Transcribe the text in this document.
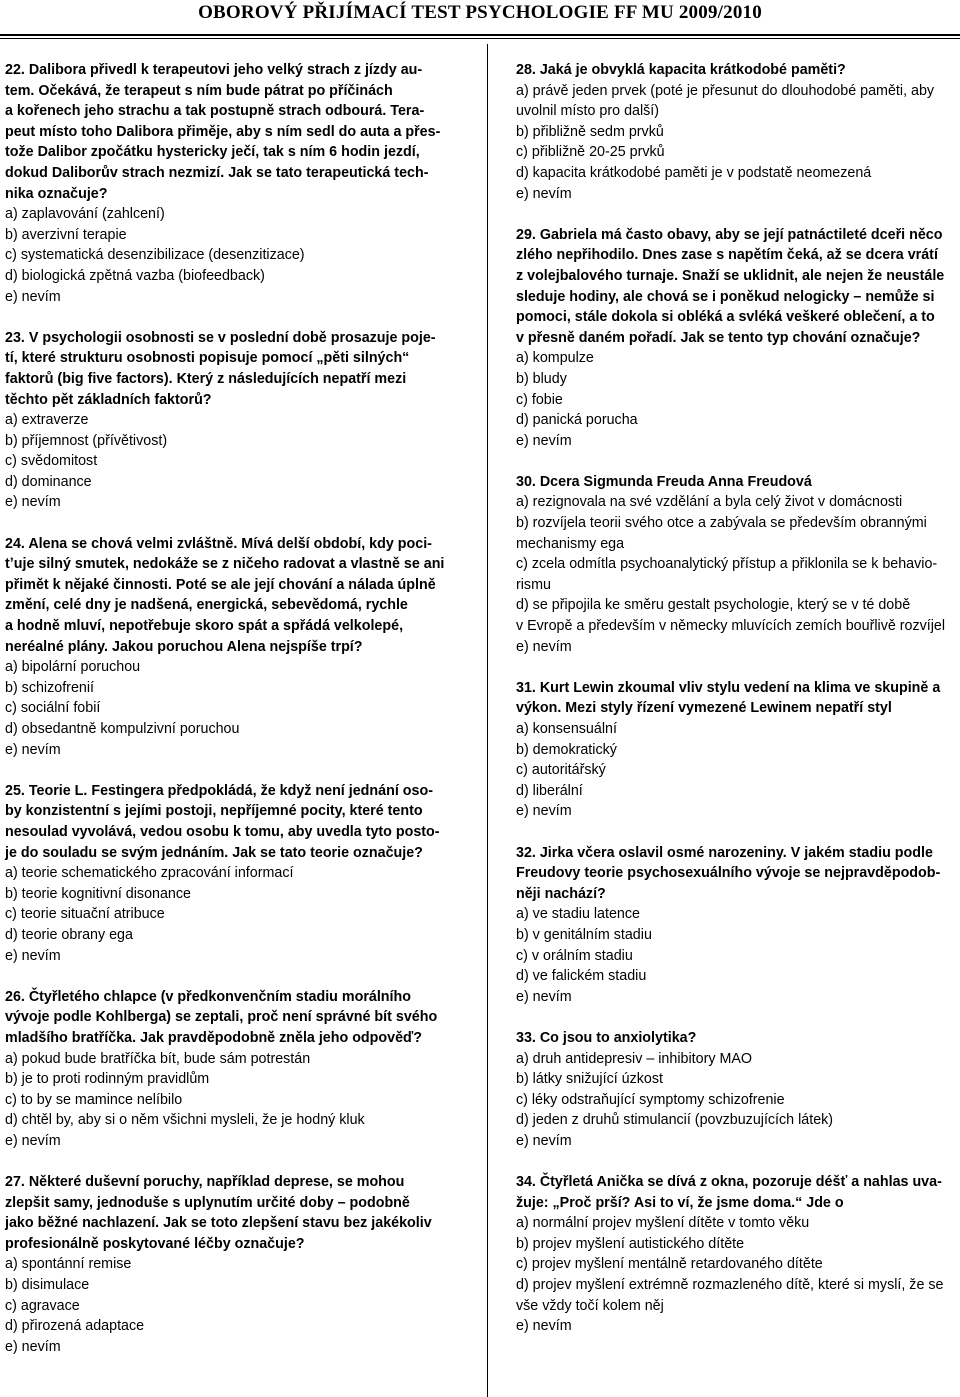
OBOROVÝ PŘIJÍMACÍ TEST PSYCHOLOGIE FF MU 2009/2010
22. Dalibora přivedl k terapeutovi jeho velký strach z jízdy au-
tem. Očekává, že terapeut s ním bude pátrat po příčinách
a kořenech jeho strachu a tak postupně strach odbourá. Tera-
peut místo toho Dalibora přiměje, aby s ním sedl do auta a přes-
tože Dalibor zpočátku hystericky ječí, tak s ním 6 hodin jezdí,
dokud Daliborův strach nezmizí. Jak se tato terapeutická tech-
nika označuje?
a) zaplavování (zahlcení)
b) averzivní terapie
c) systematická desenzibilizace (desenzitizace)
d) biologická zpětná vazba (biofeedback)
e) nevím
23. V psychologii osobnosti se v poslední době prosazuje poje-
tí, které strukturu osobnosti popisuje pomocí „pěti silných“
faktorů (big five factors). Který z následujících nepatří mezi
těchto pět základních faktorů?
a) extraverze
b) příjemnost (přívětivost)
c) svědomitost
d) dominance
e) nevím
24. Alena se chová velmi zvláštně. Mívá delší období, kdy poci-
tʼuje silný smutek, nedokáže se z ničeho radovat a vlastně se ani
přimět k nějaké činnosti. Poté se ale její chování a nálada úplně
změní, celé dny je nadšená, energická, sebevědomá, rychle
a hodně mluví, nepotřebuje skoro spát a spřádá velkolepé,
neréalné plány. Jakou poruchou Alena nejspíše trpí?
a) bipolární poruchou
b) schizofrenií
c) sociální fobií
d) obsedantně kompulzivní poruchou
e) nevím
25. Teorie L. Festingera předpokládá, že když není jednání oso-
by konzistentní s jejími postoji, nepříjemné pocity, které tento
nesoulad vyvolává, vedou osobu k tomu, aby uvedla tyto posto-
je do souladu se svým jednáním. Jak se tato teorie označuje?
a) teorie schematického zpracování informací
b) teorie kognitivní disonance
c) teorie situační atribuce
d) teorie obrany ega
e) nevím
26. Čtyřletého chlapce (v předkonvenčním stadiu morálního
vývoje podle Kohlberga) se zeptali, proč není správné bít svého
mladšího bratříčka. Jak pravděpodobně zněla jeho odpověď?
a) pokud bude bratříčka bít, bude sám potrestán
b) je to proti rodinným pravidlům
c) to by se mamince nelíbilo
d) chtěl by, aby si o něm všichni mysleli, že je hodný kluk
e) nevím
27. Některé duševní poruchy, například deprese, se mohou
zlepšit samy, jednoduše s uplynutím určité doby – podobně
jako běžné nachlazení. Jak se toto zlepšení stavu bez jakékoliv
profesionálně poskytované léčby označuje?
a) spontánní remise
b) disimulace
c) agravace
d) přirozená adaptace
e) nevím
28. Jaká je obvyklá kapacita krátkodobé paměti?
a) právě jeden prvek (poté je přesunut do dlouhodobé paměti, aby
uvolnil místo pro další)
b) přibližně sedm prvků
c) přibližně 20-25 prvků
d) kapacita krátkodobé paměti je v podstatě neomezená
e) nevím
29. Gabriela má často obavy, aby se její patnáctileté dceři něco
zlého nepřihodilo. Dnes zase s napětím čeká, až se dcera vrátí
z volejbalového turnaje. Snaží se uklidnit, ale nejen že neustále
sleduje hodiny, ale chová se i poněkud nelogicky – nemůže si
pomoci, stále dokola si obléká a svléká veškeré oblečení, a to
v přesně daném pořadí. Jak se tento typ chování označuje?
a) kompulze
b) bludy
c) fobie
d) panická porucha
e) nevím
30. Dcera Sigmunda Freuda Anna Freudová
a) rezignovala na své vzdělání a byla celý život v domácnosti
b) rozvíjela teorii svého otce a zabývala se především obrannými
mechanismy ega
c) zcela odmítla psychoanalytický přístup a přiklonila se k behavio-
rismu
d) se připojila ke směru gestalt psychologie, který se v té době
v Evropě a především v německy mluvících zemích bouřlivě rozvíjel
e) nevím
31. Kurt Lewin zkoumal vliv stylu vedení na klima ve skupině a
výkon. Mezi styly řízení vymezené Lewinem nepatří styl
a) konsensuální
b) demokratický
c) autoritářský
d) liberální
e) nevím
32. Jirka včera oslavil osmé narozeniny. V jakém stadiu podle
Freudovy teorie psychosexuálního vývoje se nejpravděpodob-
něji nachází?
a) ve stadiu latence
b) v genitálním stadiu
c) v orálním stadiu
d) ve falickém stadiu
e) nevím
33. Co jsou to anxiolytika?
a) druh antidepresiv – inhibitory MAO
b) látky snižující úzkost
c) léky odstraňující symptomy schizofrenie
d) jeden z druhů stimulancií (povzbuzujících látek)
e) nevím
34. Čtyřletá Anička se dívá z okna, pozoruje déšť a nahlas uva-
žuje: „Proč prší? Asi to ví, že jsme doma.“ Jde o
a) normální projev myšlení dítěte v tomto věku
b) projev myšlení autistického dítěte
c) projev myšlení mentálně retardovaného dítěte
d) projev myšlení extrémně rozmazleného dítě, které si myslí, že se
vše vždy točí kolem něj
e) nevím
